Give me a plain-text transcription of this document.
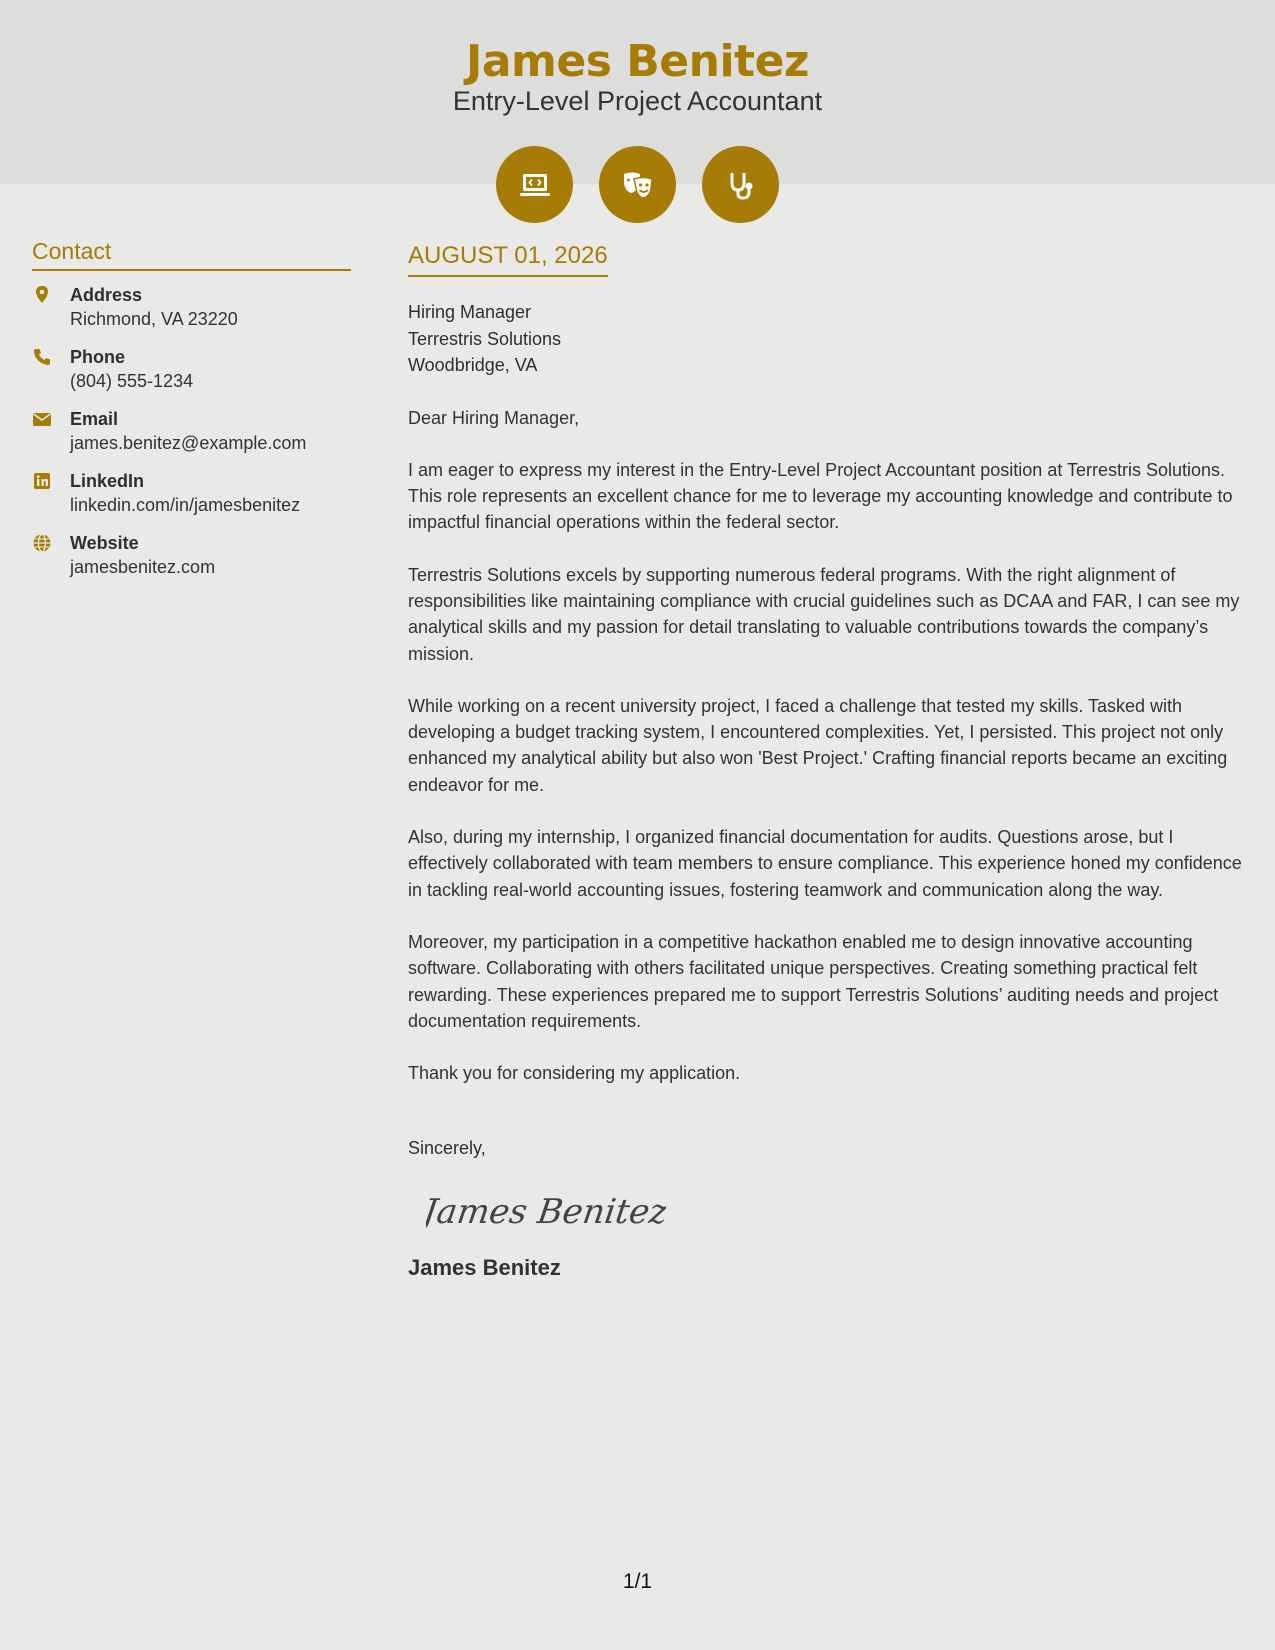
James Benitez
Entry-Level Project Accountant
Contact
Address
Richmond, VA 23220
Phone
(804) 555-1234
Email
james.benitez@example.com
LinkedIn
linkedin.com/in/jamesbenitez
Website
jamesbenitez.com
AUGUST 01, 2026
Hiring Manager
Terrestris Solutions
Woodbridge, VA
Dear Hiring Manager,
I am eager to express my interest in the Entry-Level Project Accountant position at Terrestris Solutions. This role represents an excellent chance for me to leverage my accounting knowledge and contribute to impactful financial operations within the federal sector.
Terrestris Solutions excels by supporting numerous federal programs. With the right alignment of responsibilities like maintaining compliance with crucial guidelines such as DCAA and FAR, I can see my analytical skills and my passion for detail translating to valuable contributions towards the company’s mission.
While working on a recent university project, I faced a challenge that tested my skills. Tasked with developing a budget tracking system, I encountered complexities. Yet, I persisted. This project not only enhanced my analytical ability but also won 'Best Project.' Crafting financial reports became an exciting endeavor for me.
Also, during my internship, I organized financial documentation for audits. Questions arose, but I effectively collaborated with team members to ensure compliance. This experience honed my confidence in tackling real-world accounting issues, fostering teamwork and communication along the way.
Moreover, my participation in a competitive hackathon enabled me to design innovative accounting software. Collaborating with others facilitated unique perspectives. Creating something practical felt rewarding. These experiences prepared me to support Terrestris Solutions’ auditing needs and project documentation requirements.
Thank you for considering my application.
Sincerely,
James Benitez
James Benitez
1/1
